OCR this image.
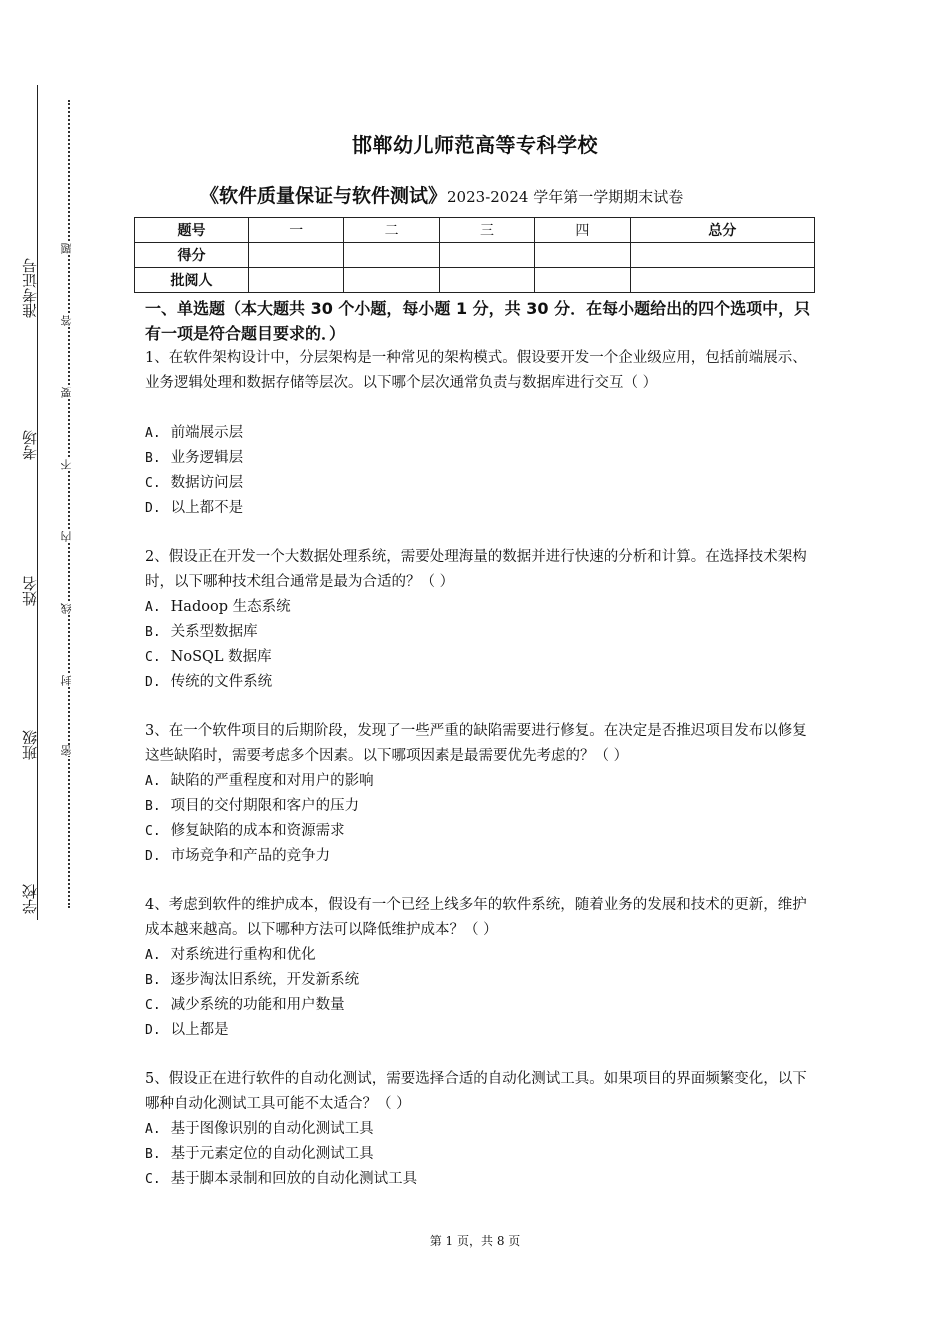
准考证号
考场
姓名
班级
学校
题
答
要
不
内
线
封
密
邯郸幼儿师范高等专科学校
《软件质量保证与软件测试》2023-2024 学年第一学期期末试卷
题号	一	二	三	四	总分
得分					
批阅人					
一、单选题（本大题共 30 个小题，每小题 1 分，共 30 分．在每小题给出的四个选项中，只有一项是符合题目要求的．）
1、在软件架构设计中，分层架构是一种常见的架构模式。假设要开发一个企业级应用，包括前端展示、业务逻辑处理和数据存储等层次。以下哪个层次通常负责与数据库进行交互（ ）
A. 前端展示层
B. 业务逻辑层
C. 数据访问层
D. 以上都不是
2、假设正在开发一个大数据处理系统，需要处理海量的数据并进行快速的分析和计算。在选择技术架构时，以下哪种技术组合通常是最为合适的？（ ）
A. Hadoop 生态系统
B. 关系型数据库
C. NoSQL 数据库
D. 传统的文件系统
3、在一个软件项目的后期阶段，发现了一些严重的缺陷需要进行修复。在决定是否推迟项目发布以修复这些缺陷时，需要考虑多个因素。以下哪项因素是最需要优先考虑的？（ ）
A. 缺陷的严重程度和对用户的影响
B. 项目的交付期限和客户的压力
C. 修复缺陷的成本和资源需求
D. 市场竞争和产品的竞争力
4、考虑到软件的维护成本，假设有一个已经上线多年的软件系统，随着业务的发展和技术的更新，维护成本越来越高。以下哪种方法可以降低维护成本？（ ）
A. 对系统进行重构和优化
B. 逐步淘汰旧系统，开发新系统
C. 减少系统的功能和用户数量
D. 以上都是
5、假设正在进行软件的自动化测试，需要选择合适的自动化测试工具。如果项目的界面频繁变化，以下哪种自动化测试工具可能不太适合？（ ）
A. 基于图像识别的自动化测试工具
B. 基于元素定位的自动化测试工具
C. 基于脚本录制和回放的自动化测试工具
第 1 页，共 8 页
